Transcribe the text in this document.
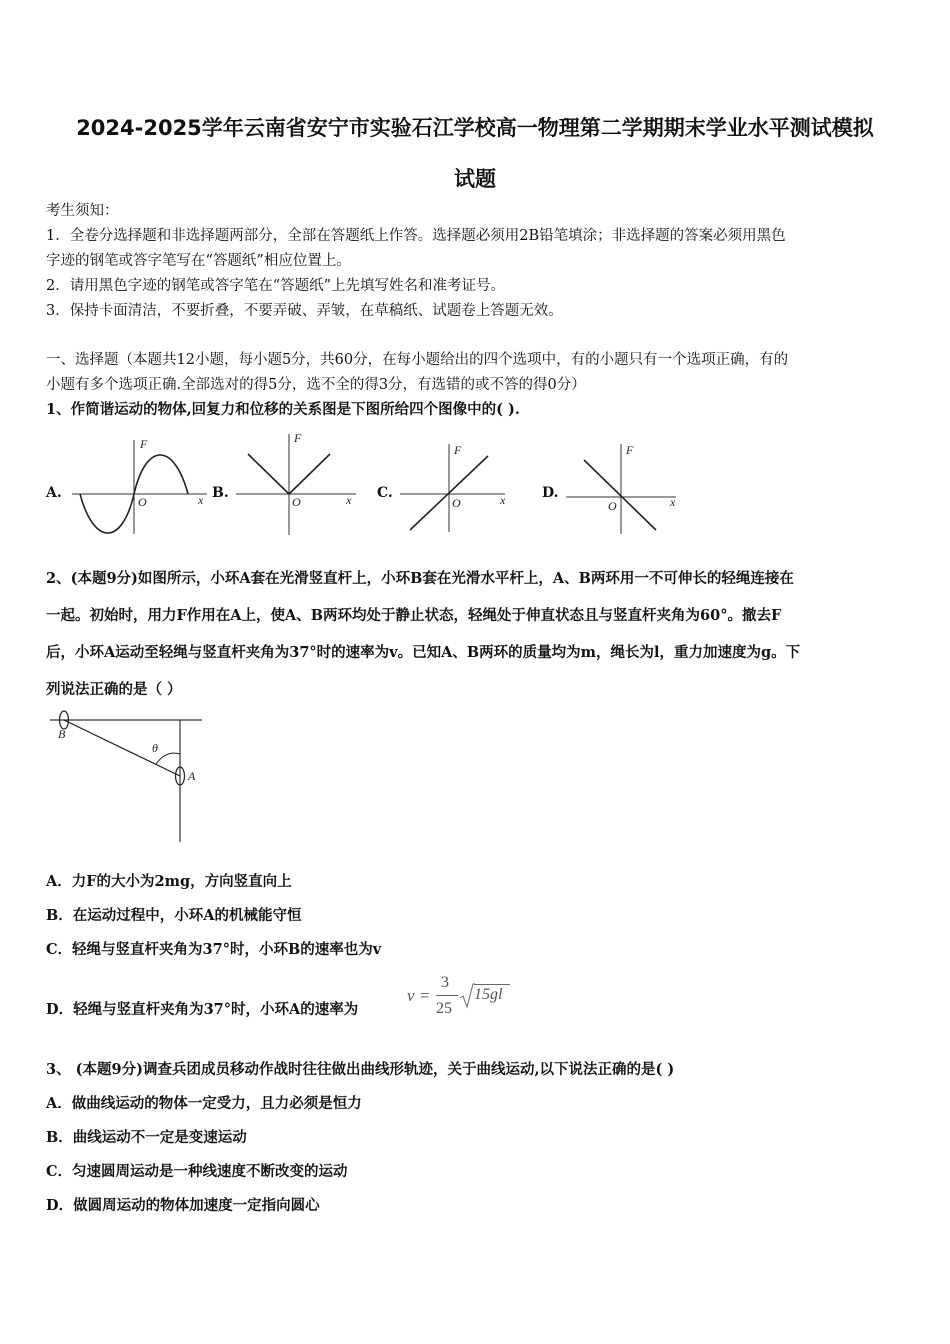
2024-2025学年云南省安宁市实验石江学校高一物理第二学期期末学业水平测试模拟
试题
考生须知：
1．全卷分选择题和非选择题两部分，全部在答题纸上作答。选择题必须用2B铅笔填涂；非选择题的答案必须用黑色
字迹的钢笔或答字笔写在“答题纸”相应位置上。
2．请用黑色字迹的钢笔或答字笔在“答题纸”上先填写姓名和准考证号。
3．保持卡面清洁，不要折叠，不要弄破、弄皱，在草稿纸、试题卷上答题无效。
一、选择题（本题共12小题，每小题5分，共60分，在每小题给出的四个选项中，有的小题只有一个选项正确，有的
小题有多个选项正确.全部选对的得5分，选不全的得3分，有选错的或不答的得0分）
1、作简谐运动的物体,回复力和位移的关系图是下图所给四个图像中的( ).
A.
F
x
O
B.
F
x
O
C.
F
x
O
D.
F
x
O
2、(本题9分)如图所示，小环A套在光滑竖直杆上，小环B套在光滑水平杆上，A、B两环用一不可伸长的轻绳连接在
一起。初始时，用力F作用在A上，使A、B两环均处于静止状态，轻绳处于伸直状态且与竖直杆夹角为60°。撤去F
后，小环A运动至轻绳与竖直杆夹角为37°时的速率为v。已知A、B两环的质量均为m，绳长为l，重力加速度为g。下
列说法正确的是（ ）
B
A
θ
A．力F的大小为2mg，方向竖直向上
B．在运动过程中，小环A的机械能守恒
C．轻绳与竖直杆夹角为37°时，小环B的速率也为v
D．轻绳与竖直杆夹角为37°时，小环A的速率为
v =
3
25
15gl
3、 (本题9分)调查兵团成员移动作战时往往做出曲线形轨迹，关于曲线运动,以下说法正确的是( )
A．做曲线运动的物体一定受力，且力必须是恒力
B．曲线运动不一定是变速运动
C．匀速圆周运动是一种线速度不断改变的运动
D．做圆周运动的物体加速度一定指向圆心
